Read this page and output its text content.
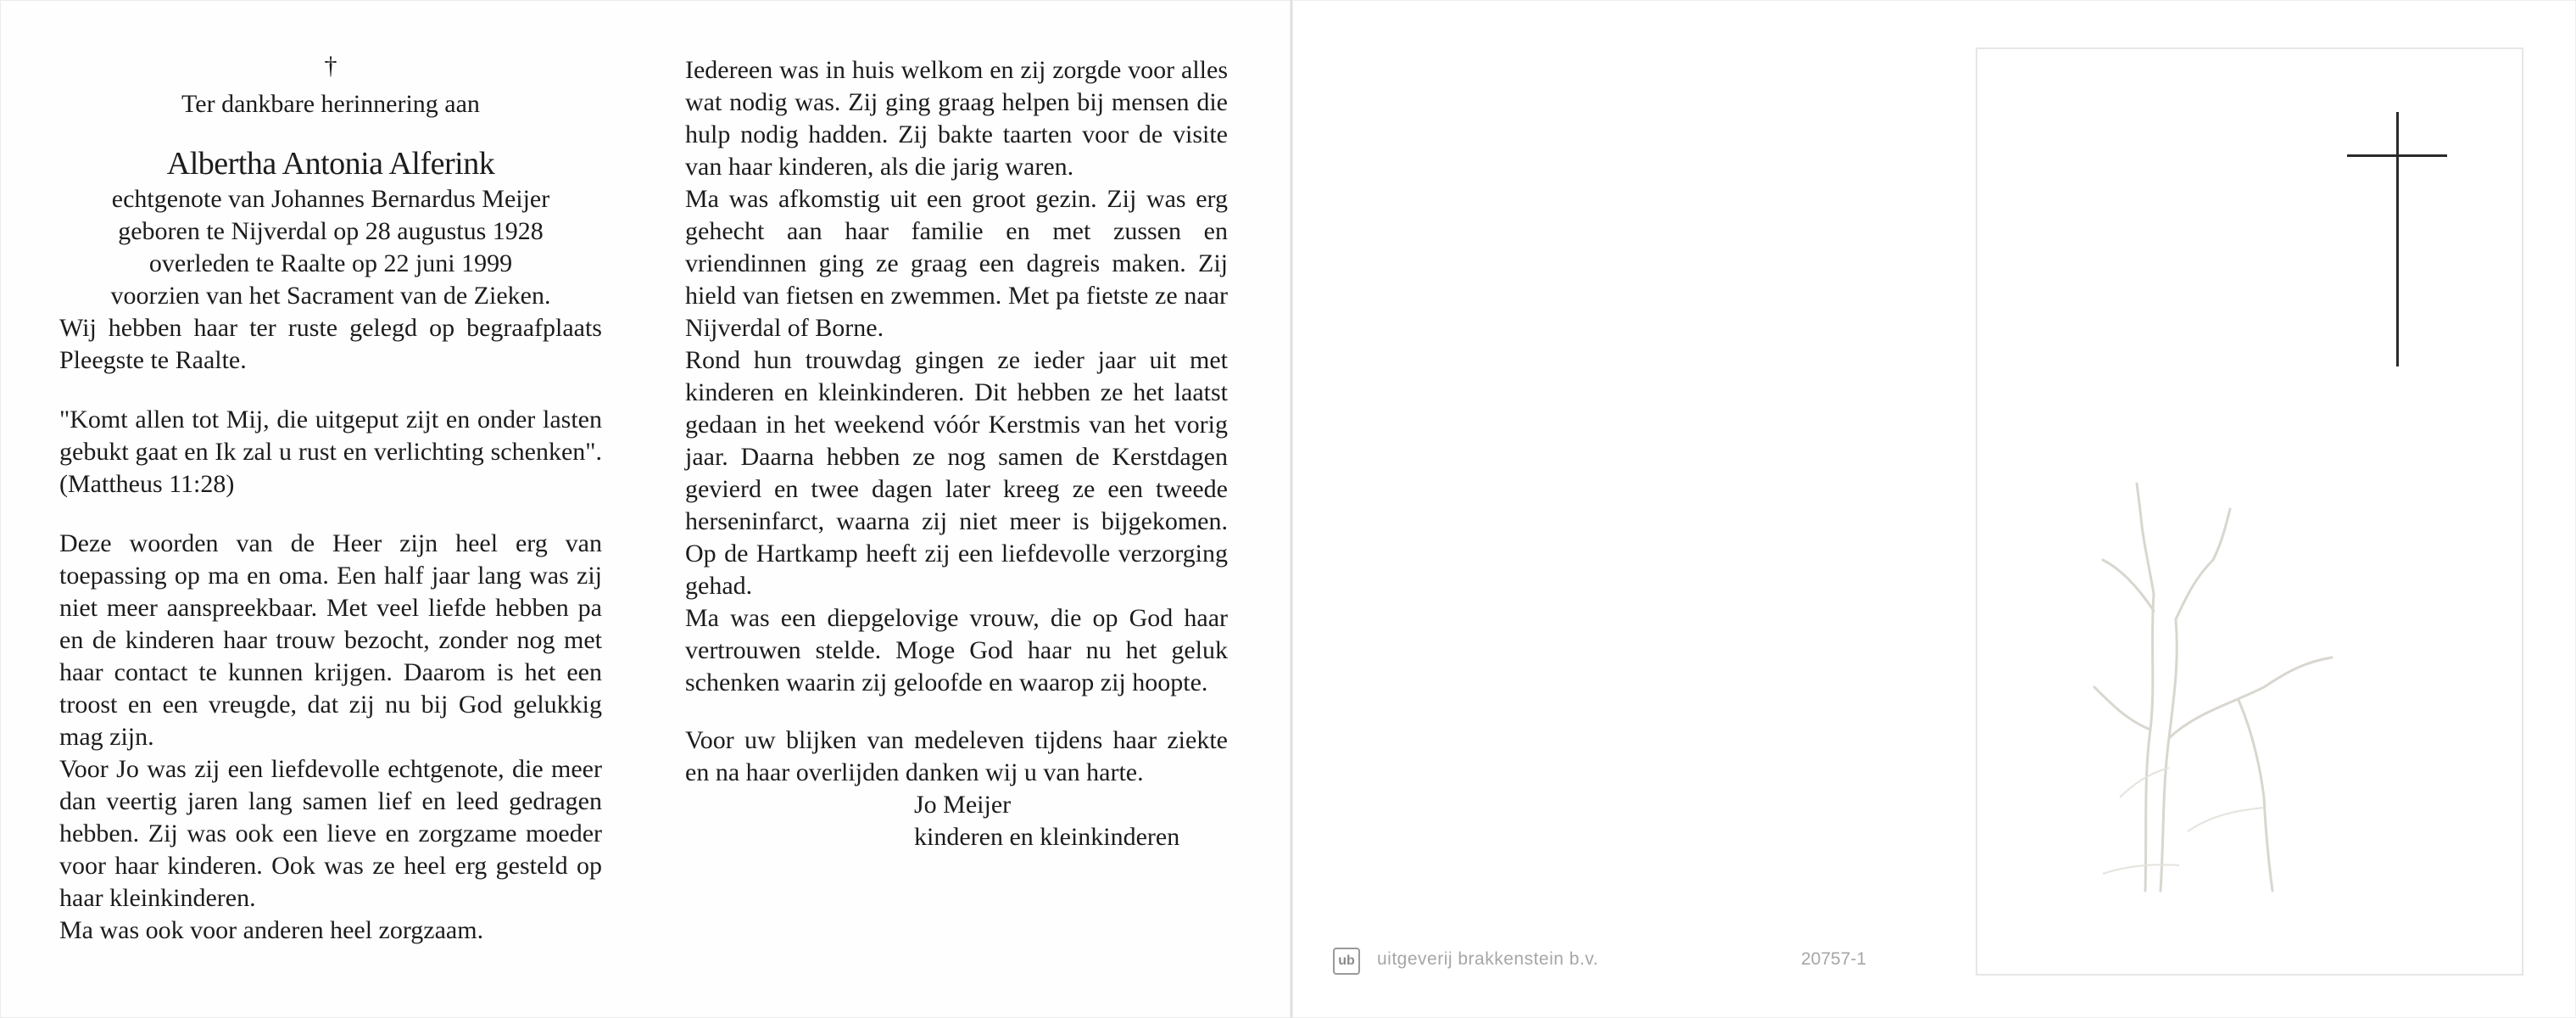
†
Ter dankbare herinnering aan
Albertha Antonia Alferink
echtgenote van Johannes Bernardus Meijer
geboren te Nijverdal op 28 augustus 1928
overleden te Raalte op 22 juni 1999
voorzien van het Sacrament van de Zieken.
Wij hebben haar ter ruste gelegd op begraafplaats Pleegste te Raalte.
"Komt allen tot Mij, die uitgeput zijt en onder lasten gebukt gaat en Ik zal u rust en verlichting schenken". (Mattheus 11:28)
Deze woorden van de Heer zijn heel erg van toepassing op ma en oma. Een half jaar lang was zij niet meer aanspreekbaar. Met veel liefde hebben pa en de kinderen haar trouw bezocht, zonder nog met haar contact te kunnen krijgen. Daarom is het een troost en een vreugde, dat zij nu bij God gelukkig mag zijn.
Voor Jo was zij een liefdevolle echtgenote, die meer dan veertig jaren lang samen lief en leed gedragen hebben. Zij was ook een lieve en zorgzame moeder voor haar kinderen. Ook was ze heel erg gesteld op haar kleinkinderen.
Ma was ook voor anderen heel zorgzaam.
Iedereen was in huis welkom en zij zorgde voor alles wat nodig was. Zij ging graag helpen bij mensen die hulp nodig hadden. Zij bakte taarten voor de visite van haar kinderen, als die jarig waren.
Ma was afkomstig uit een groot gezin. Zij was erg gehecht aan haar familie en met zussen en vriendinnen ging ze graag een dagreis maken. Zij hield van fietsen en zwemmen. Met pa fietste ze naar Nijverdal of Borne.
Rond hun trouwdag gingen ze ieder jaar uit met kinderen en kleinkinderen. Dit hebben ze het laatst gedaan in het weekend vóór Kerstmis van het vorig jaar. Daarna hebben ze nog samen de Kerstdagen gevierd en twee dagen later kreeg ze een tweede herseninfarct, waarna zij niet meer is bijgekomen. Op de Hartkamp heeft zij een liefdevolle verzorging gehad.
Ma was een diepgelovige vrouw, die op God haar vertrouwen stelde. Moge God haar nu het geluk schenken waarin zij geloofde en waarop zij hoopte.
Voor uw blijken van medeleven tijdens haar ziekte en na haar overlijden danken wij u van harte.
Jo Meijer
kinderen en kleinkinderen
ub uitgeverij brakkenstein b.v.	20757-1
